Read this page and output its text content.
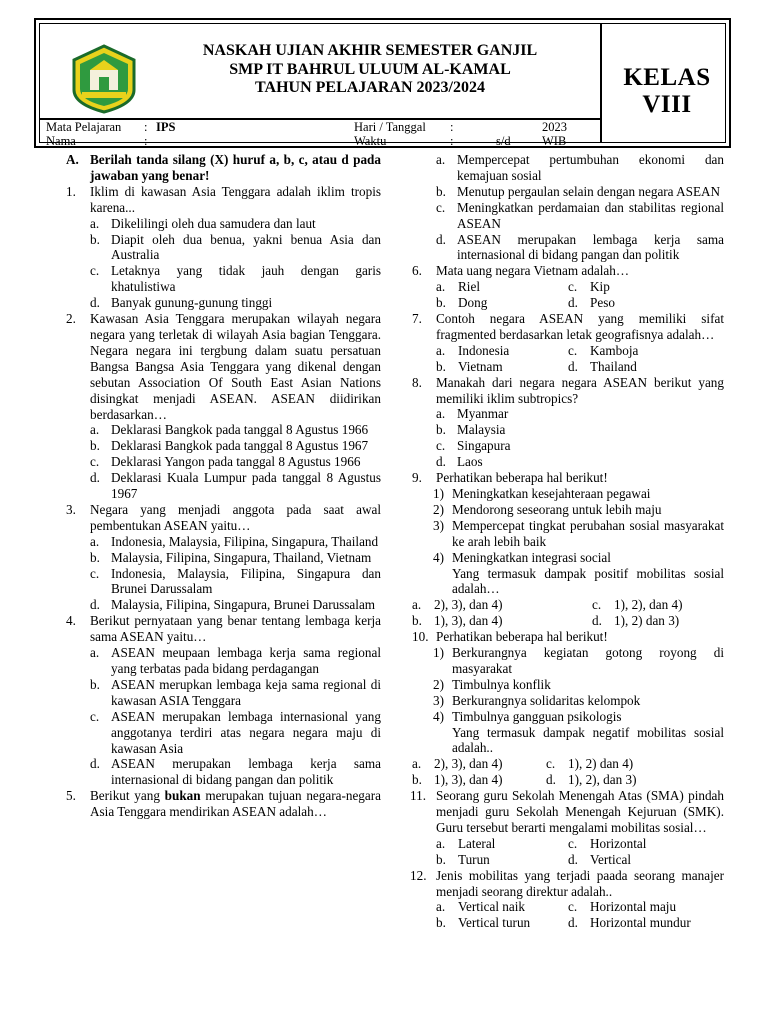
NASKAH UJIAN AKHIR SEMESTER GANJIL
SMP IT BAHRUL ULUUM AL-KAMAL
TAHUN PELAJARAN 2023/2024	KELAS
VIII
Mata Pelajaran : IPS
Nama	:
Hari / Tanggal :	2023
Waktu	:	s/d	WIB
A. Berilah tanda silang (X) huruf a, b, c, atau d pada jawaban yang benar!
1. Iklim di kawasan Asia Tenggara adalah iklim tropis karena...
a. Dikelilingi oleh dua samudera dan laut
b. Diapit oleh dua benua, yakni benua Asia dan Australia
c. Letaknya yang tidak jauh dengan garis khatulistiwa
d. Banyak gunung-gunung tinggi
2. Kawasan Asia Tenggara merupakan wilayah negara negara yang terletak di wilayah Asia bagian Tenggara. Negara negara ini tergbung dalam suatu persatuan Bangsa Bangsa Asia Tenggara yang dikenal dengan sebutan Association Of South East Asian Nations disingkat menjadi ASEAN. ASEAN diidirikan berdasarkan…
a. Deklarasi Bangkok pada tanggal 8 Agustus 1966
b. Deklarasi Bangkok pada tanggal 8 Agustus 1967
c. Deklarasi Yangon pada tanggal 8 Agustus 1966
d. Deklarasi Kuala Lumpur pada tanggal 8 Agustus 1967
3. Negara yang menjadi anggota pada saat awal pembentukan ASEAN yaitu…
a. Indonesia, Malaysia, Filipina, Singapura, Thailand
b. Malaysia, Filipina, Singapura, Thailand, Vietnam
c. Indonesia, Malaysia, Filipina, Singapura dan Brunei Darussalam
d. Malaysia, Filipina, Singapura, Brunei Darussalam
4. Berikut pernyataan yang benar tentang lembaga kerja sama ASEAN yaitu…
a. ASEAN meupaan lembaga kerja sama regional yang terbatas pada bidang perdagangan
b. ASEAN merupkan lembaga keja sama regional di kawasan ASIA Tenggara
c. ASEAN merupakan lembaga internasional yang anggotanya terdiri atas negara negara maju di kawasan Asia
d. ASEAN merupakan lembaga kerja sama internasional di bidang pangan dan politik
5. Berikut yang bukan merupakan tujuan negara-negara Asia Tenggara mendirikan ASEAN adalah…
a. Mempercepat pertumbuhan ekonomi dan kemajuan sosial
b. Menutup pergaulan selain dengan negara ASEAN
c. Meningkatkan perdamaian dan stabilitas regional ASEAN
d. ASEAN merupakan lembaga kerja sama internasional di bidang pangan dan politik
6. Mata uang negara Vietnam adalah…
a. Riel	c. Kip
b. Dong	d. Peso
7. Contoh negara ASEAN yang memiliki sifat fragmented berdasarkan letak geografisnya adalah…
a. Indonesia	c. Kamboja
b. Vietnam	d. Thailand
8. Manakah dari negara negara ASEAN berikut yang memiliki iklim subtropics?
a. Myanmar
b. Malaysia
c. Singapura
d. Laos
9. Perhatikan beberapa hal berikut!
1) Meningkatkan kesejahteraan pegawai
2) Mendorong seseorang untuk lebih maju
3) Mempercepat tingkat perubahan sosial masyarakat ke arah lebih baik
4) Meningkatkan integrasi social
Yang termasuk dampak positif mobilitas sosial adalah…
a. 2), 3), dan 4)	c. 1), 2), dan 4)
b. 1), 3), dan 4)	d. 1), 2) dan 3)
10. Perhatikan beberapa hal berikut!
1) Berkurangnya kegiatan gotong royong di masyarakat
2) Timbulnya konflik
3) Berkurangnya solidaritas kelompok
4) Timbulnya gangguan psikologis
Yang termasuk dampak negatif mobilitas sosial adalah..
a. 2), 3), dan 4)	c. 1), 2) dan 4)
b. 1), 3), dan 4)	d. 1), 2), dan 3)
11. Seorang guru Sekolah Menengah Atas (SMA) pindah menjadi guru Sekolah Menengah Kejuruan (SMK). Guru tersebut berarti mengalami mobilitas sosial…
a. Lateral	c. Horizontal
b. Turun	d. Vertical
12. Jenis mobilitas yang terjadi paada seorang manajer menjadi seorang direktur adalah..
a. Vertical naik	c. Horizontal maju
b. Vertical turun	d. Horizontal mundur
